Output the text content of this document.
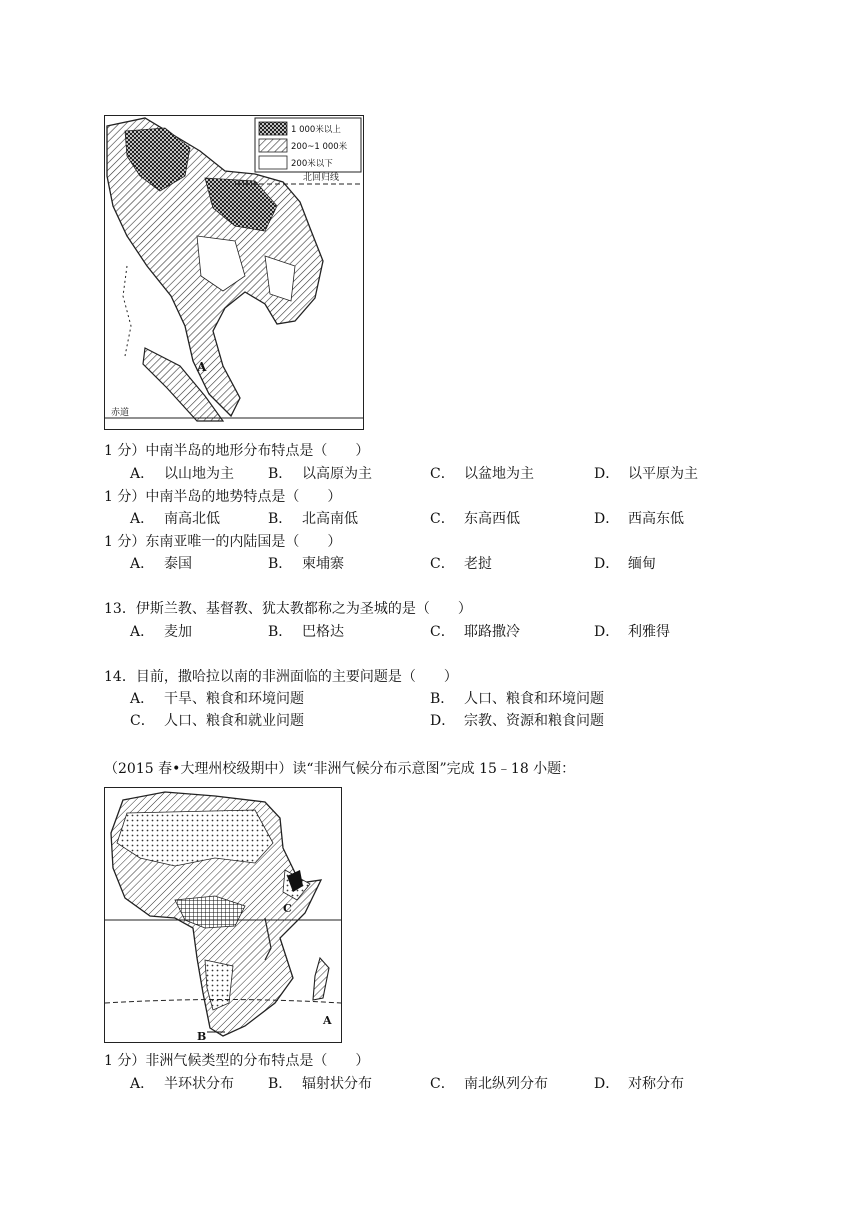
北回归线
赤道
A
1 000米以上
200~1 000米
200米以下
1 分）中南半岛的地形分布特点是（　　）
A． 以山地为主 B． 以高原为主	C． 以盆地为主	D． 以平原为主
1 分）中南半岛的地势特点是（　　）
A． 南高北低	B． 北高南低	C． 东高西低	D． 西高东低
1 分）东南亚唯一的内陆国是（　　）
A． 泰国	B． 柬埔寨	C． 老挝	D． 缅甸
13．伊斯兰教、基督教、犹太教都称之为圣城的是（　　）
A． 麦加	B． 巴格达	C． 耶路撒冷	D． 利雅得
14．目前，撒哈拉以南的非洲面临的主要问题是（　　）
A． 干旱、粮食和环境问题	B． 人口、粮食和环境问题
C． 人口、粮食和就业问题	D． 宗教、资源和粮食问题
（2015 春•大理州校级期中）读“非洲气候分布示意图”完成 15﹣18 小题：
C
A
B
1 分）非洲气候类型的分布特点是（　　）
A． 半环状分布 B． 辐射状分布	C． 南北纵列分布	D． 对称分布
